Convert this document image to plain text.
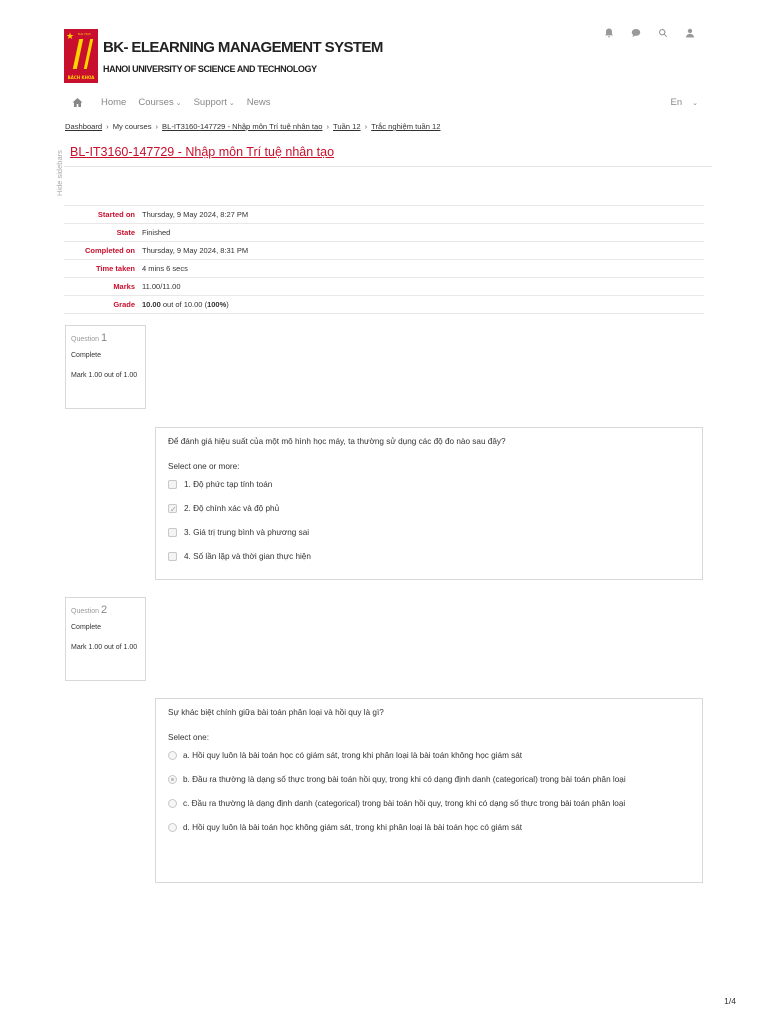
★	ĐẠI HỌC
BÁCH KHOA
BK- ELEARNING MANAGEMENT SYSTEM
HANOI UNIVERSITY OF SCIENCE AND TECHNOLOGY
Home Courses ⌄ Support ⌄ News	En ⌄
Dashboard › My courses › BL-IT3160-147729 - Nhập môn Trí tuệ nhân tạo › Tuần 12 › Trắc nghiệm tuần 12
BL-IT3160-147729 - Nhập môn Trí tuệ nhân tạo
Hide sidebars
Started on Thursday, 9 May 2024, 8:27 PM
State Finished
Completed on Thursday, 9 May 2024, 8:31 PM
Time taken 4 mins 6 secs
Marks 11.00/11.00
Grade 10.00 out of 10.00 (100%)
Question 1
Complete
Mark 1.00 out of 1.00
Để đánh giá hiệu suất của một mô hình học máy, ta thường sử dụng các độ đo nào sau đây?
Select one or more:
1. Độ phức tạp tính toán
✓
2. Độ chính xác và độ phủ
3. Giá trị trung bình và phương sai
4. Số lần lặp và thời gian thực hiện
Question 2
Complete
Mark 1.00 out of 1.00
Sự khác biệt chính giữa bài toán phân loại và hồi quy là gì?
Select one:
a. Hồi quy luôn là bài toán học có giám sát, trong khi phân loại là bài toán không học giám sát
b. Đầu ra thường là dạng số thực trong bài toán hồi quy, trong khi có dạng định danh (categorical) trong bài toán phân loại
c. Đầu ra thường là dạng định danh (categorical) trong bài toán hồi quy, trong khi có dạng số thực trong bài toán phân loại
d. Hồi quy luôn là bài toán học không giám sát, trong khi phân loại là bài toán học có giám sát
1/4
